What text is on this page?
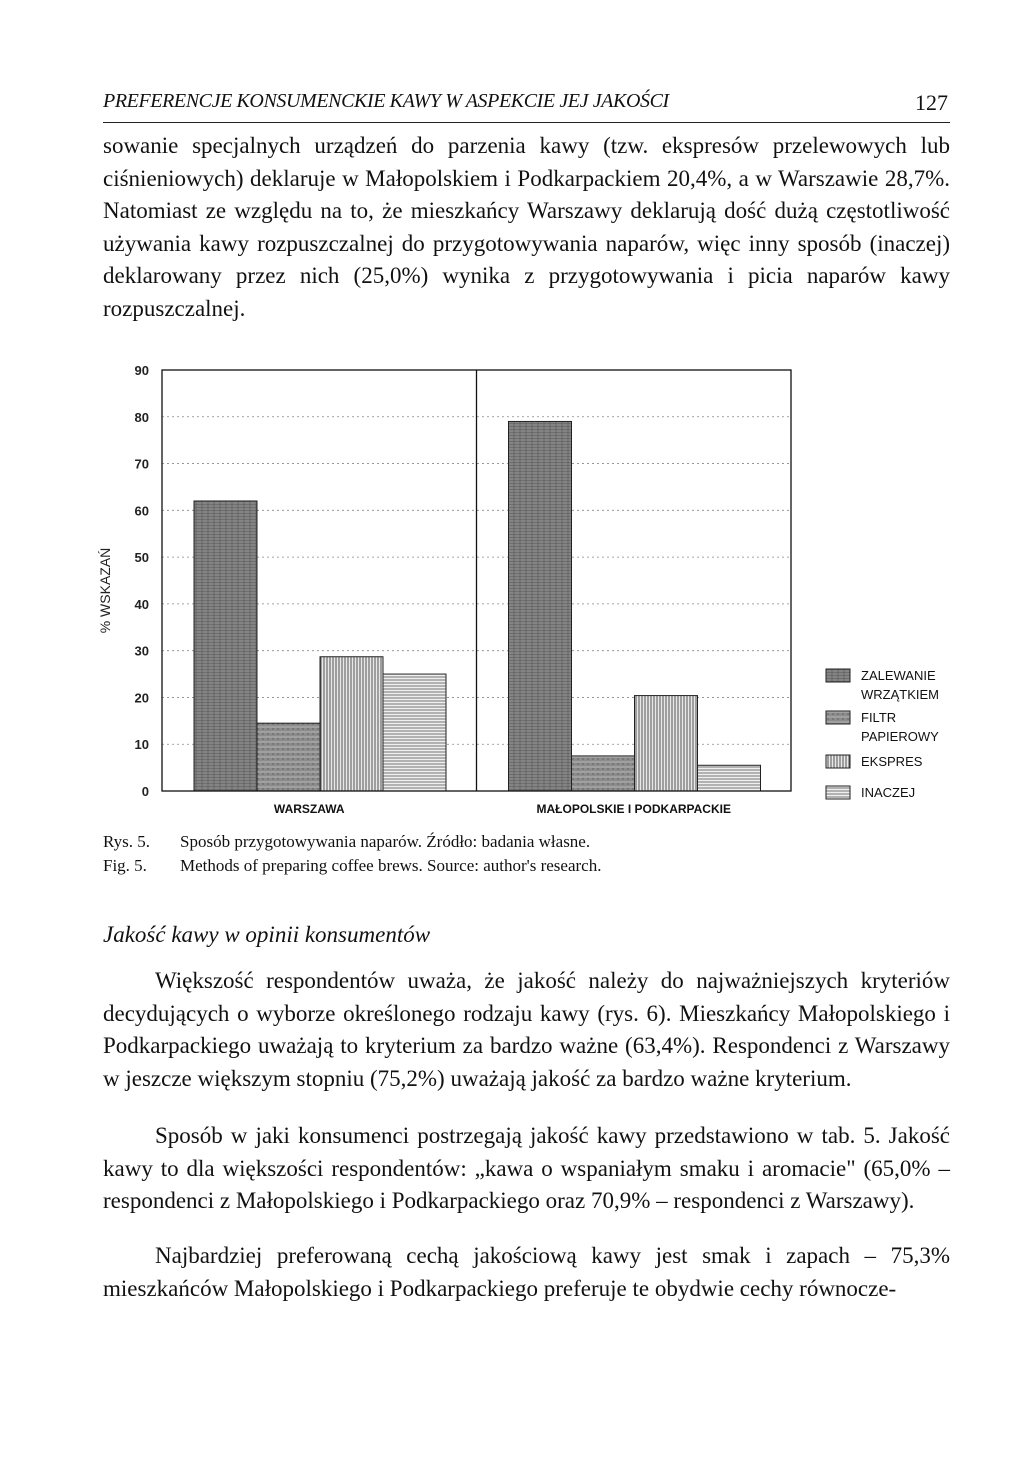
PREFERENCJE KONSUMENCKIE KAWY W ASPEKCIE JEJ JAKOŚCI	127

sowanie specjalnych urządzeń do parzenia kawy (tzw. ekspresów przelewowych lub ciśnieniowych) deklaruje w Małopolskiem i Podkarpackiem 20,4%, a w Warszawie 28,7%. Natomiast ze względu na to, że mieszkańcy Warszawy deklarują dość dużą częstotliwość używania kawy rozpuszczalnej do przygotowywania naparów, więc inny sposób (inaczej) deklarowany przez nich (25,0%) wynika z przygotowywania i picia naparów kawy rozpuszczalnej.

0
10
20
30
40
50
60
70
80
90
% WSKAZAŃ
WARSZAWA	MAŁOPOLSKIE I PODKARPACKIE
ZALEWANIE WRZĄTKIEM
FILTR PAPIEROWY
EKSPRES
INACZEJ
Rys. 5. Sposób przygotowywania naparów. Źródło: badania własne.
Fig. 5. Methods of preparing coffee brews. Source: author's research.
Jakość kawy w opinii konsumentów

Większość respondentów uważa, że jakość należy do najważniejszych kryteriów decydujących o wyborze określonego rodzaju kawy (rys. 6). Mieszkańcy Małopolskiego i Podkarpackiego uważają to kryterium za bardzo ważne (63,4%). Respondenci z Warszawy w jeszcze większym stopniu (75,2%) uważają jakość za bardzo ważne kryterium.

Sposób w jaki konsumenci postrzegają jakość kawy przedstawiono w tab. 5. Jakość kawy to dla większości respondentów: „kawa o wspaniałym smaku i aromacie" (65,0% – respondenci z Małopolskiego i Podkarpackiego oraz 70,9% – respondenci z Warszawy).

Najbardziej preferowaną cechą jakościową kawy jest smak i zapach – 75,3% mieszkańców Małopolskiego i Podkarpackiego preferuje te obydwie cechy równocze-
